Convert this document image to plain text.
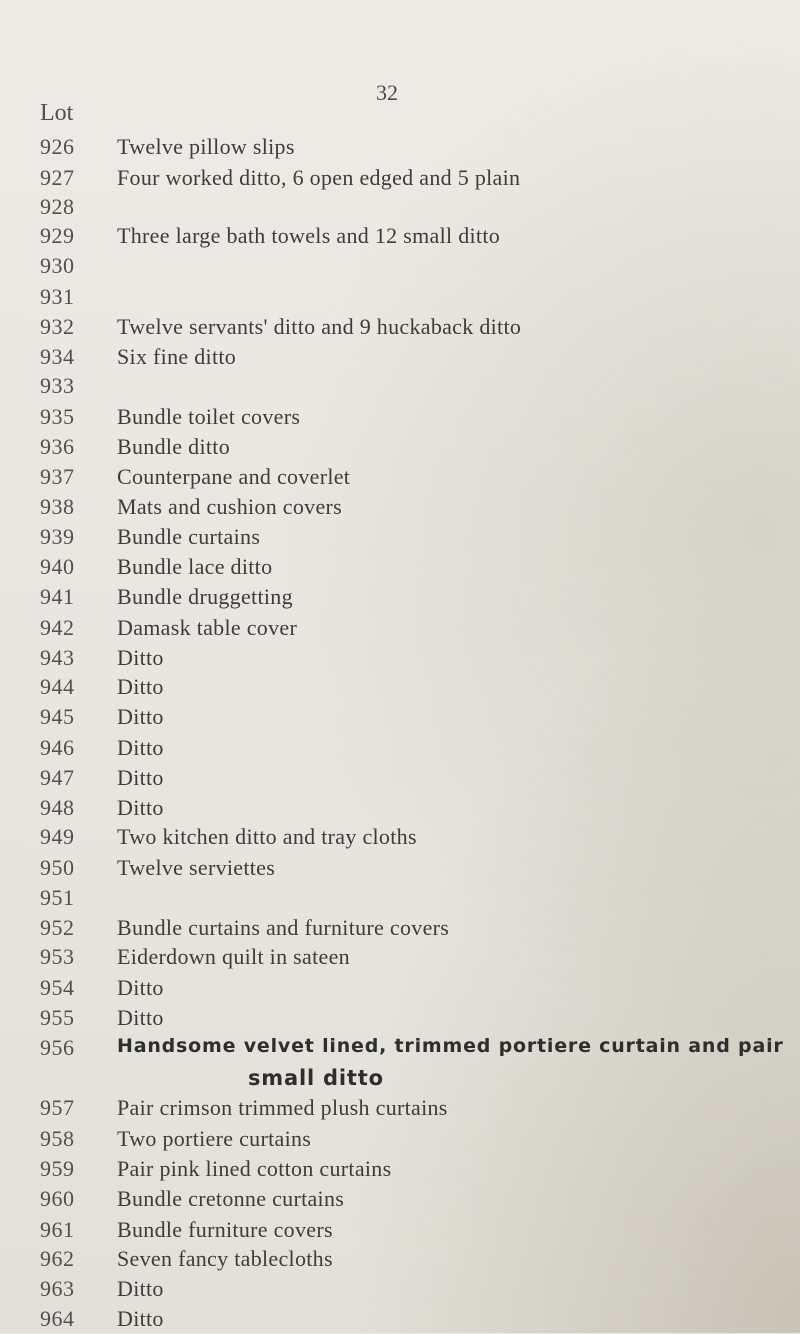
32
Lot
926 Twelve pillow slips
927 Four worked ditto, 6 open edged and 5 plain
928
929 Three large bath towels and 12 small ditto
930
931
932 Twelve servants' ditto and 9 huckaback ditto
934 Six fine ditto
933
935 Bundle toilet covers
936 Bundle ditto
937 Counterpane and coverlet
938 Mats and cushion covers
939 Bundle curtains
940 Bundle lace ditto
941 Bundle druggetting
942 Damask table cover
943 Ditto
944 Ditto
945 Ditto
946 Ditto
947 Ditto
948 Ditto
949 Two kitchen ditto and tray cloths
950 Twelve serviettes
951
952 Bundle curtains and furniture covers
953 Eiderdown quilt in sateen
954 Ditto
955 Ditto
956 Handsome velvet lined, trimmed portiere curtain and pair
small ditto
957 Pair crimson trimmed plush curtains
958 Two portiere curtains
959 Pair pink lined cotton curtains
960 Bundle cretonne curtains
961 Bundle furniture covers
962 Seven fancy tablecloths
963 Ditto
964 Ditto
